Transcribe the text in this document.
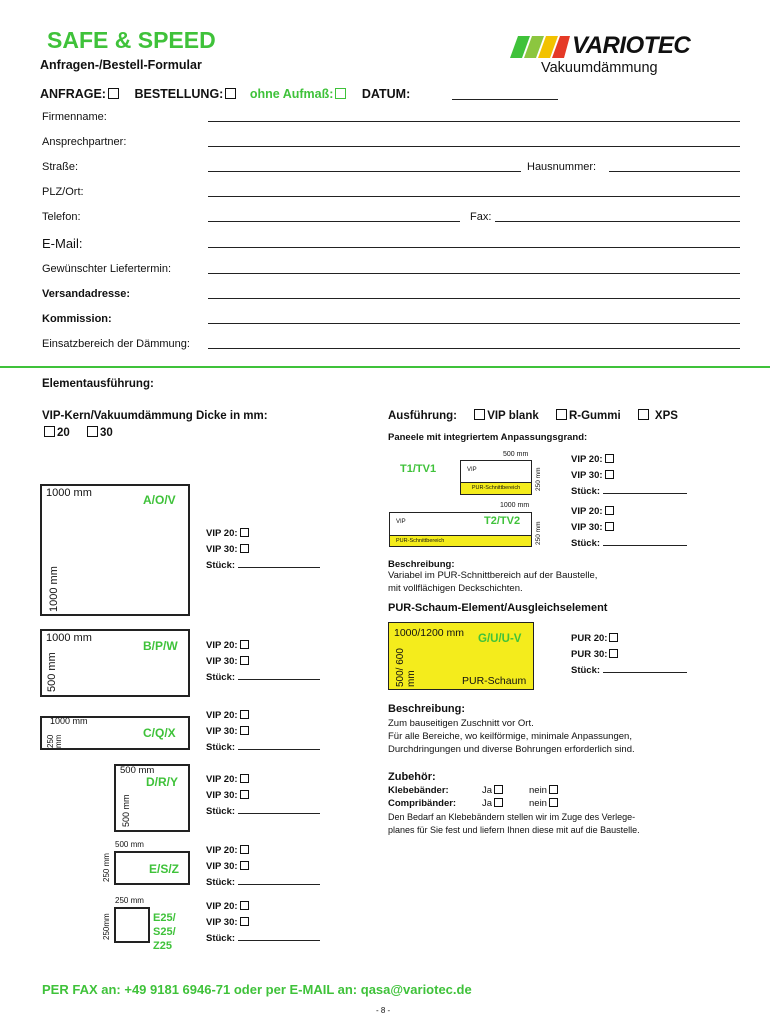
SAFE & SPEED
Anfragen-/Bestell-Formular
VARIOTEC
Vakuumdämmung
ANFRAGE: BESTELLUNG: ohne Aufmaß: DATUM:
Firmenname:
Ansprechpartner:
Straße:	Hausnummer:
PLZ/Ort:
Telefon:	Fax:
E-Mail:
Gewünschter Liefertermin:
Versandadresse:
Kommission:
Einsatzbereich der Dämmung:
Elementausführung:
VIP-Kern/Vakuumdämmung Dicke in mm:
20	30
1000 mm	A/O/V
1000 mm
VIP 20:
VIP 30:
Stück:
1000 mm
B/P/W
500 mm
VIP 20:
VIP 30:
Stück:
1000 mm
C/Q/X
250 mm
VIP 20:
VIP 30:
Stück:
500 mm
D/R/Y
500 mm
VIP 20:
VIP 30:
Stück:
500 mm
E/S/Z
250 mm
VIP 20:
VIP 30:
Stück:
250 mm
E25/ S25/ Z25
250mm
VIP 20:
VIP 30:
Stück:
Ausführung:	VIP blank	R-Gummi	XPS
Paneele mit integriertem Anpassungsgrand:
500 mm
T1/TV1	VIP
PUR-Schnittbereich	250 mm
VIP 20:
VIP 30:
Stück:
1000 mm
VIP	T2/TV2
PUR-Schnittbereich	250 mm
VIP 20:
VIP 30:
Stück:
Beschreibung:
Variabel im PUR-Schnittbereich auf der Baustelle, mit vollflächigen Deckschichten.
PUR-Schaum-Element/Ausgleichselement
1000/1200 mm G/U/U-V
500/ 600 mm	PUR-Schaum
PUR 20:
PUR 30:
Stück:
Beschreibung:
Zum bauseitigen Zuschnitt vor Ort.
Für alle Bereiche, wo keilförmige, minimale Anpassungen,
Durchdringungen und diverse Bohrungen erforderlich sind.
Zubehör:
Klebebänder:	Ja	nein
Compribänder:	Ja	nein
Den Bedarf an Klebebändern stellen wir im Zuge des Verlege-
planes für Sie fest und liefern Ihnen diese mit auf die Baustelle.
PER FAX an: +49 9181 6946-71 oder per E-MAIL an: qasa@variotec.de
- 8 -
